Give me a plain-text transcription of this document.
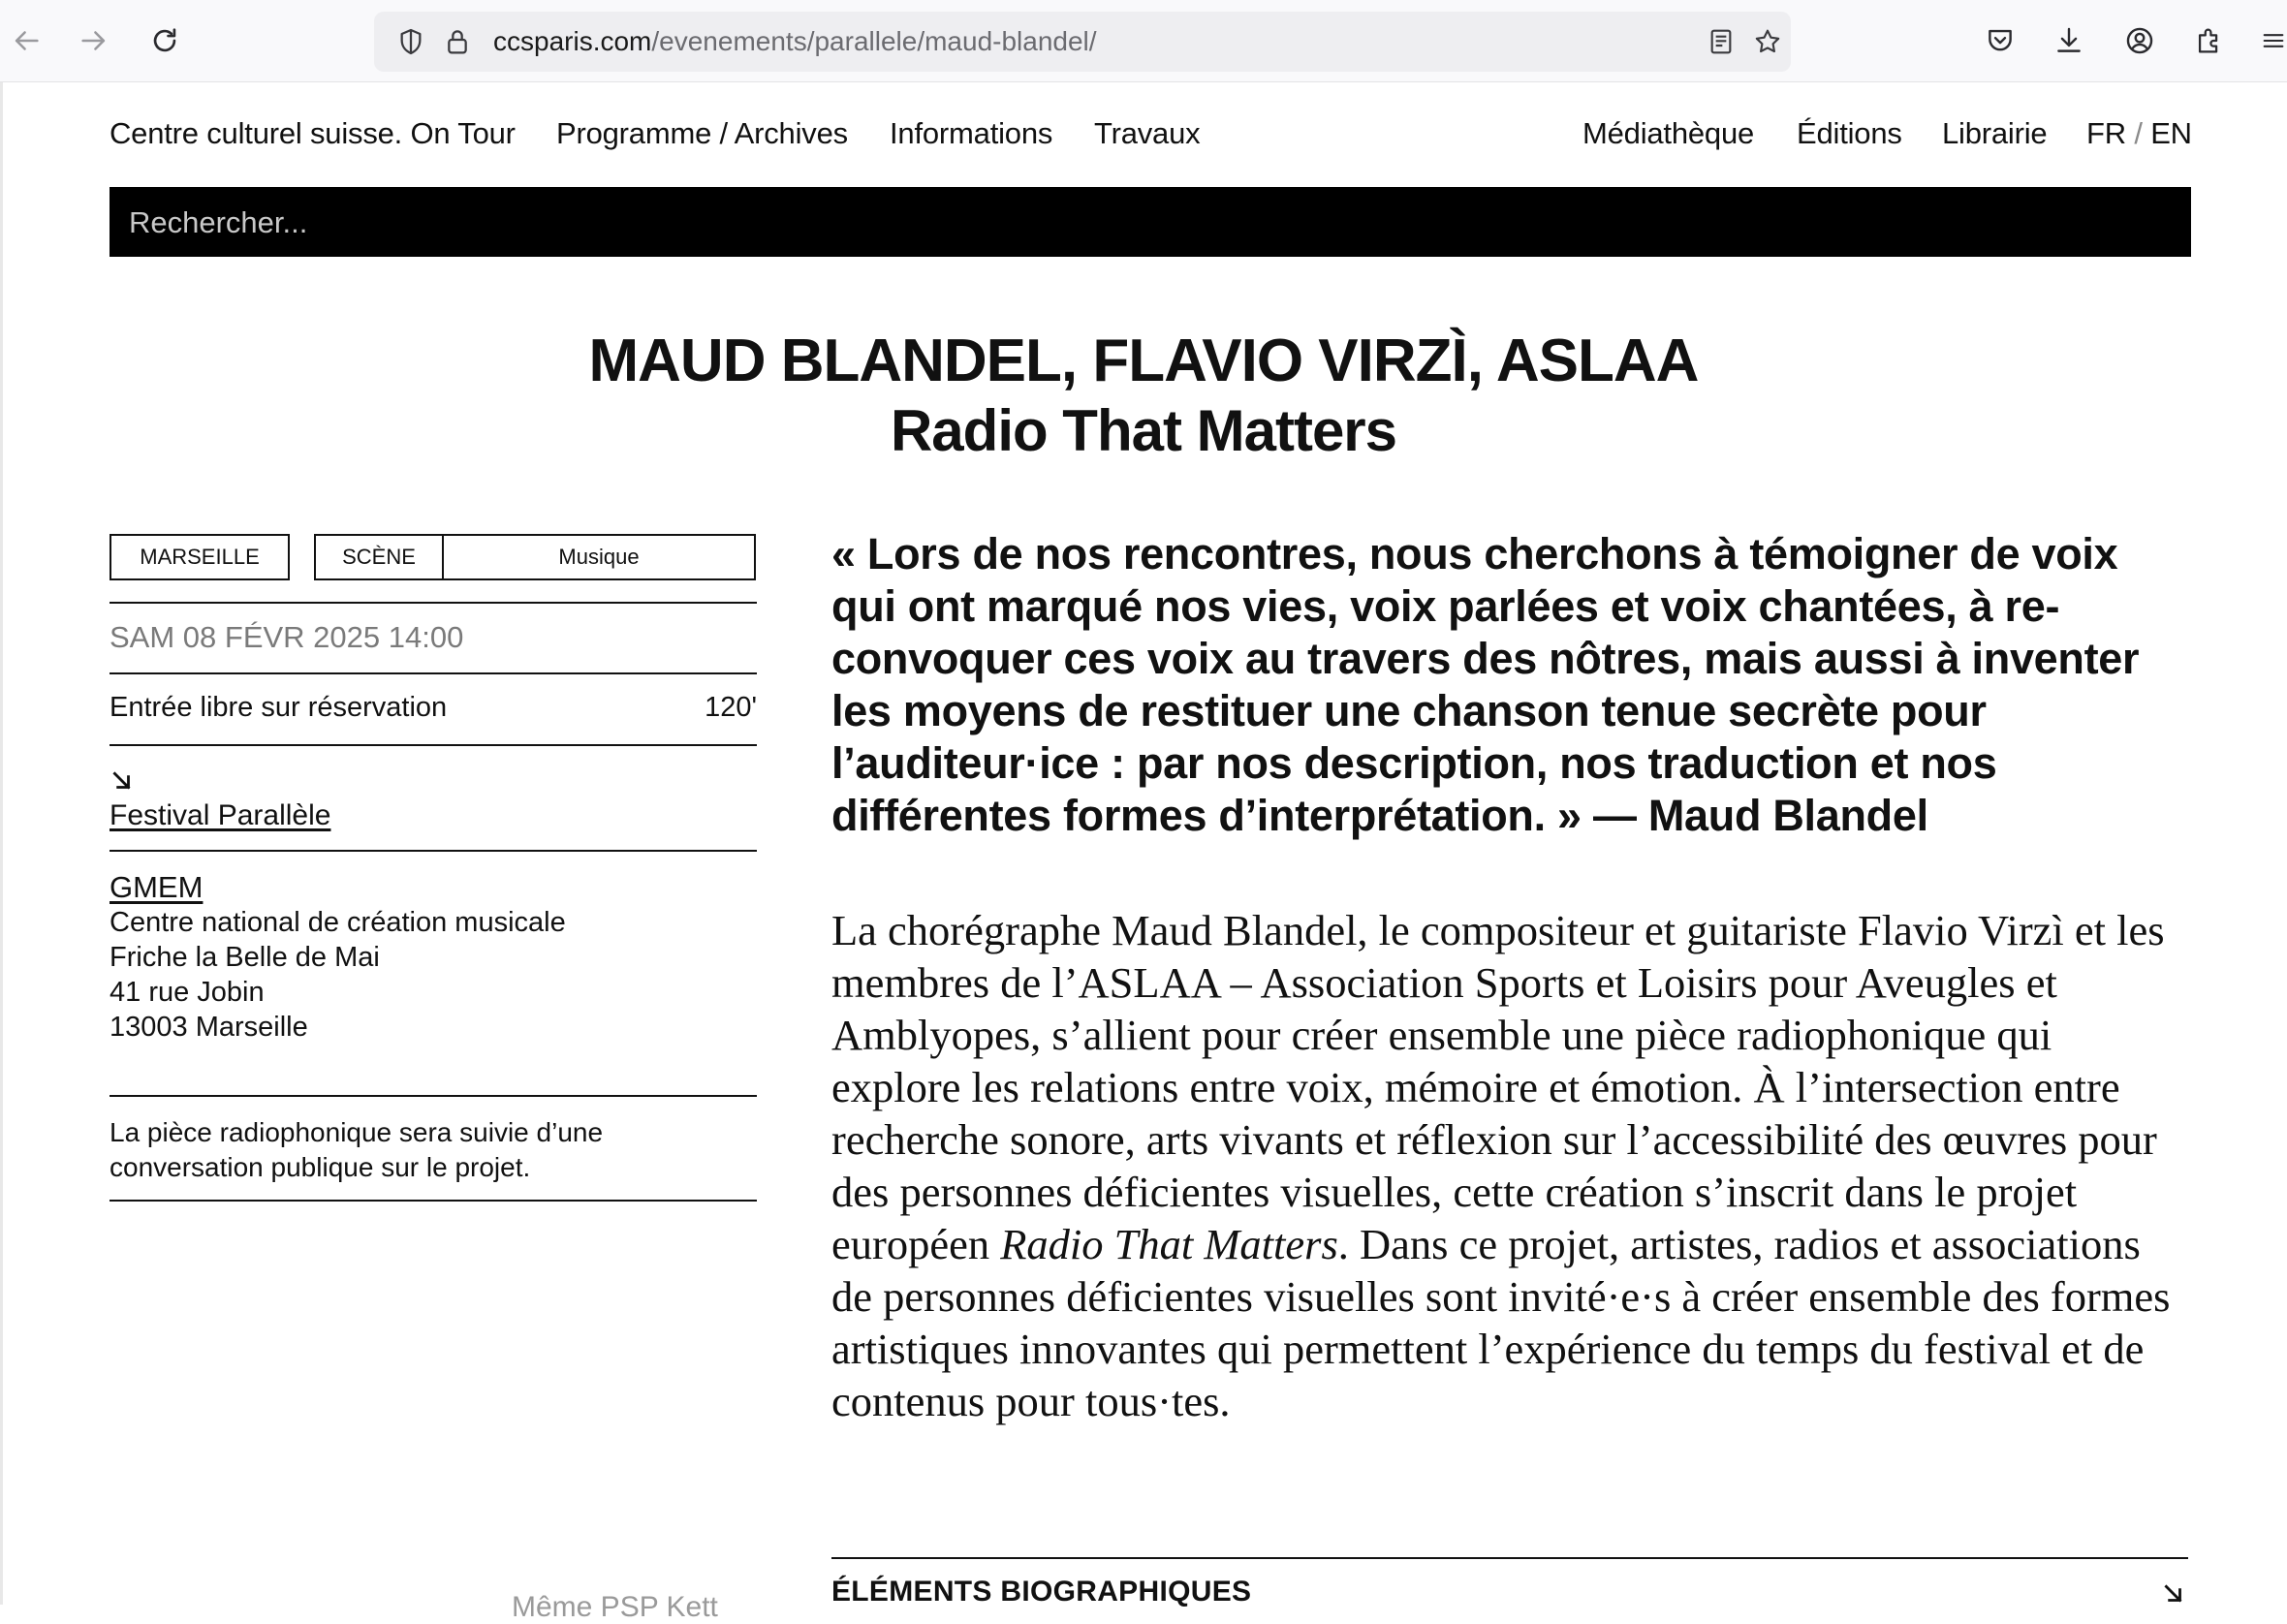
ccsparis.com/evenements/parallele/maud-blandel/
Centre culturel suisse. On Tour Programme / Archives Informations Travaux	Médiathèque Éditions Librairie FR / EN
Rechercher...
MAUD BLANDEL, FLAVIO VIRZÌ, ASLAA
Radio That Matters
MARSEILLE	SCÈNE	Musique
SAM 08 FÉVR 2025 14:00
Entrée libre sur réservation	120'
Festival Parallèle
GMEM
Centre national de création musicale
Friche la Belle de Mai
41 rue Jobin
13003 Marseille
La pièce radiophonique sera suivie d’une conversation publique sur le projet.
Même PSP Kett
« Lors de nos rencontres, nous cherchons à témoigner de voix qui ont marqué nos vies, voix parlées et voix chantées, à re-convoquer ces voix au travers des nôtres, mais aussi à inventer les moyens de restituer une chanson tenue secrète pour l’auditeur·ice : par nos description, nos traduction et nos différentes formes d’interprétation. » — Maud Blandel
La chorégraphe Maud Blandel, le compositeur et guitariste Flavio Virzì et les membres de l’ASLAA – Association Sports et Loisirs pour Aveugles et Amblyopes, s’allient pour créer ensemble une pièce radiophonique qui explore les relations entre voix, mémoire et émotion. À l’intersection entre recherche sonore, arts vivants et réflexion sur l’accessibilité des œuvres pour des personnes déficientes visuelles, cette création s’inscrit dans le projet européen Radio That Matters. Dans ce projet, artistes, radios et associations de personnes déficientes visuelles sont invité·e·s à créer ensemble des formes artistiques innovantes qui permettent l’expérience du temps du festival et de contenus pour tous·tes.
ÉLÉMENTS BIOGRAPHIQUES
